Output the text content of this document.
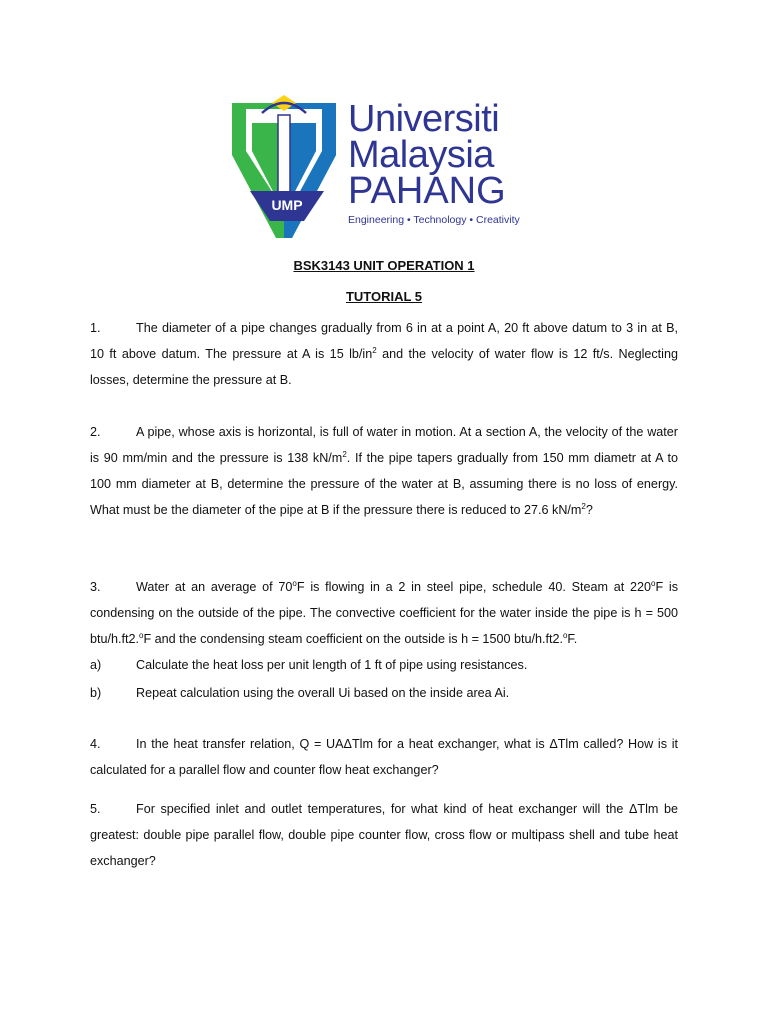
UMP
Universiti
Malaysia
PAHANG
Engineering • Technology • Creativity
BSK3143 UNIT OPERATION 1
TUTORIAL 5
1.	The diameter of a pipe changes gradually from 6 in at a point A, 20 ft above datum to 3 in at B, 10 ft above datum. The pressure at A is 15 $lb/in^2$ and the velocity of water flow is 12 ft/s. Neglecting losses, determine the pressure at B.
2.	A pipe, whose axis is horizontal, is full of water in motion. At a section A, the velocity of the water is 90 mm/min and the pressure is 138 $kN/m^2$. If the pipe tapers gradually from 150 mm diametr at A to 100 mm diameter at B, determine the pressure of the water at B, assuming there is no loss of energy. What must be the diameter of the pipe at B if the pressure there is reduced to 27.6 $kN/m^2$?
3.	Water at an average of 70$^o$F is flowing in a 2 in steel pipe, schedule 40. Steam at 220$^o$F is condensing on the outside of the pipe. The convective coefficient for the water inside the pipe is h = 500 btu/h.ft2.$^o$F and the condensing steam coefficient on the outside is h = 1500 btu/h.ft2.$^o$F.
a)	Calculate the heat loss per unit length of 1 ft of pipe using resistances.
b)	Repeat calculation using the overall Ui based on the inside area Ai.
4.	In the heat transfer relation, Q = UAΔTlm for a heat exchanger, what is ΔTlm called? How is it calculated for a parallel flow and counter flow heat exchanger?
5.	For specified inlet and outlet temperatures, for what kind of heat exchanger will the ΔTlm be greatest: double pipe parallel flow, double pipe counter flow, cross flow or multipass shell and tube heat exchanger?
